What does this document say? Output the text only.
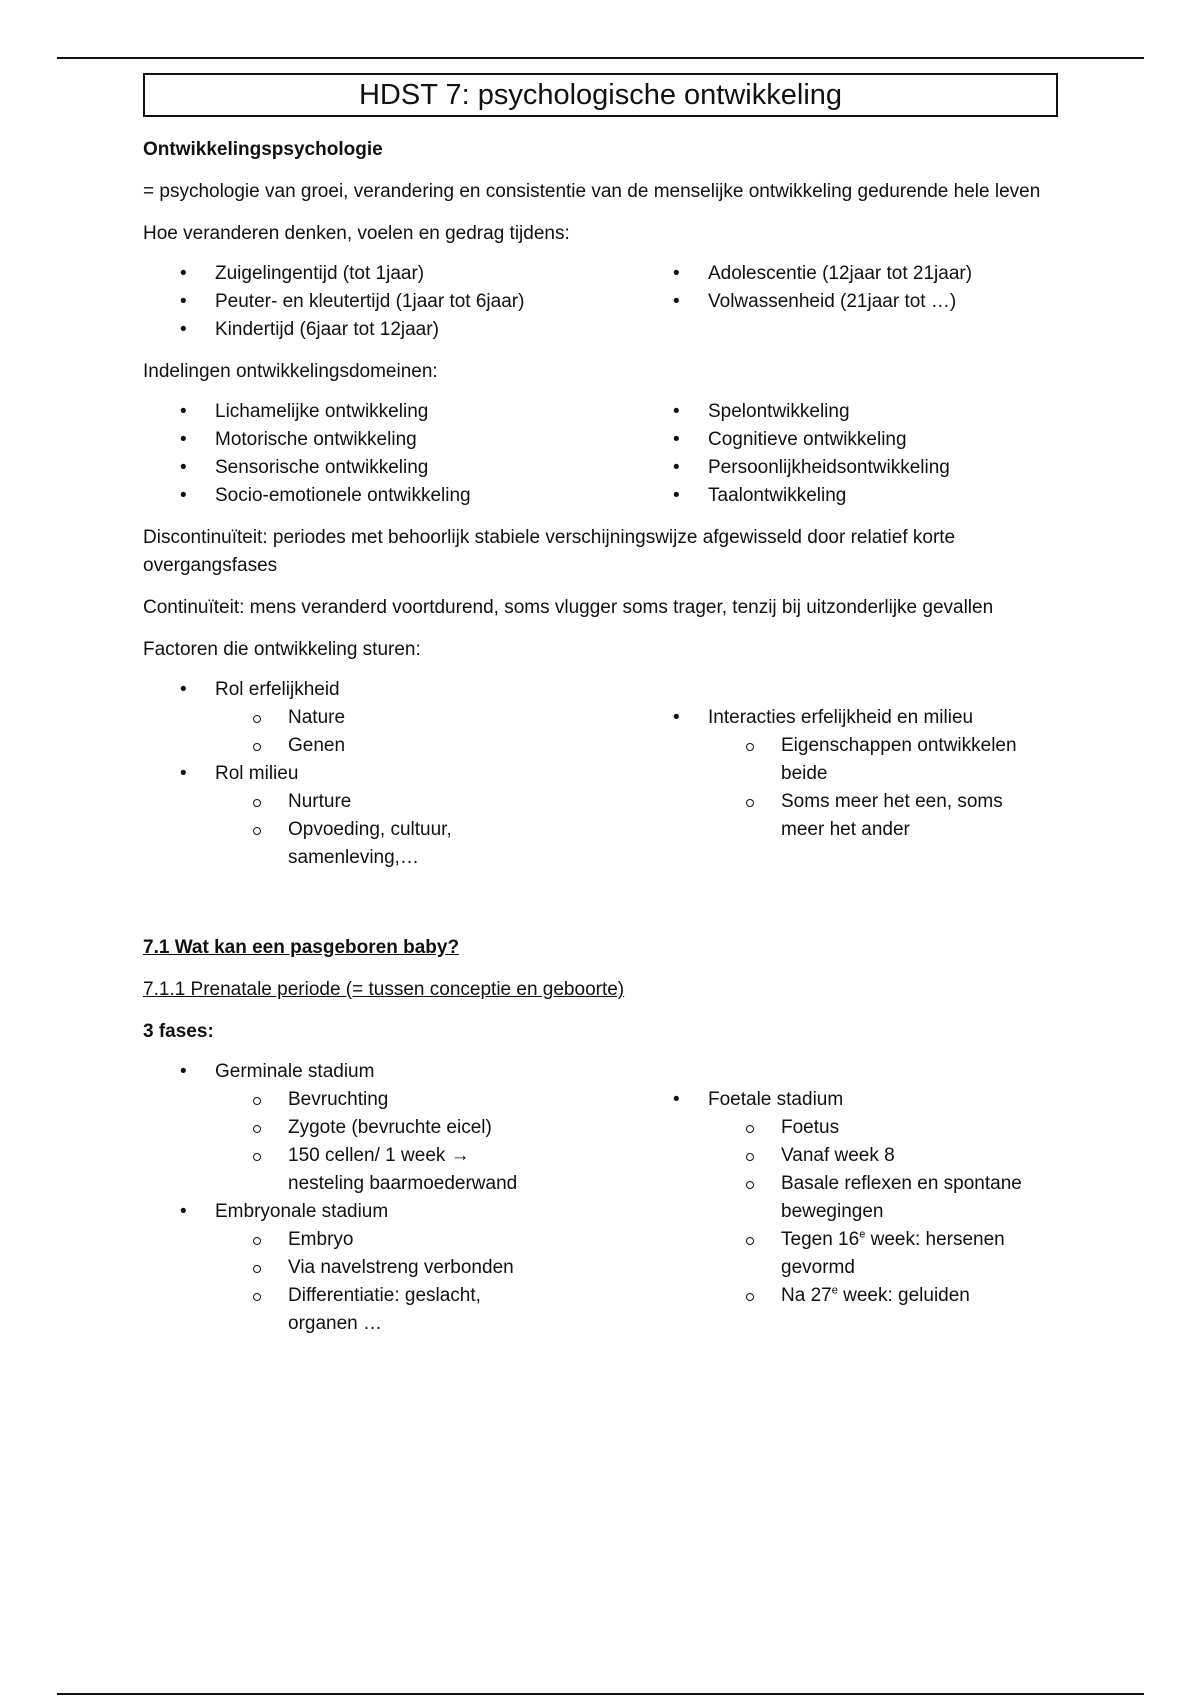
HDST 7: psychologische ontwikkeling

Ontwikkelingspsychologie

= psychologie van groei, verandering en consistentie van de menselijke ontwikkeling gedurende hele leven

Hoe veranderen denken, voelen en gedrag tijdens:

• Zuigelingentijd (tot 1jaar)
• Peuter- en kleutertijd (1jaar tot 6jaar)
• Kindertijd (6jaar tot 12jaar)
• Adolescentie (12jaar tot 21jaar)
• Volwassenheid (21jaar tot …)

Indelingen ontwikkelingsdomeinen:

• Lichamelijke ontwikkeling
• Motorische ontwikkeling
• Sensorische ontwikkeling
• Socio-emotionele ontwikkeling
• Spelontwikkeling
• Cognitieve ontwikkeling
• Persoonlijkheidsontwikkeling
• Taalontwikkeling

Discontinuïteit: periodes met behoorlijk stabiele verschijningswijze afgewisseld door relatief korte overgangsfases

Continuïteit: mens veranderd voortdurend, soms vlugger soms trager, tenzij bij uitzonderlijke gevallen

Factoren die ontwikkeling sturen:

• Rol erfelijkheid
Nature
Genen
• Rol milieu
Nurture
Opvoeding, cultuur, samenleving,…
• Interacties erfelijkheid en milieu
Eigenschappen ontwikkelen beide
Soms meer het een, soms meer het ander

7.1 Wat kan een pasgeboren baby?

7.1.1 Prenatale periode (= tussen conceptie en geboorte)

3 fases:

• Germinale stadium
Bevruchting
Zygote (bevruchte eicel)
150 cellen/ 1 week → nesteling baarmoederwand
• Embryonale stadium
Embryo
Via navelstreng verbonden
Differentiatie: geslacht, organen …
• Foetale stadium
Foetus
Vanaf week 8
Basale reflexen en spontane bewegingen
Tegen 16e week: hersenen gevormd
Na 27e week: geluiden
